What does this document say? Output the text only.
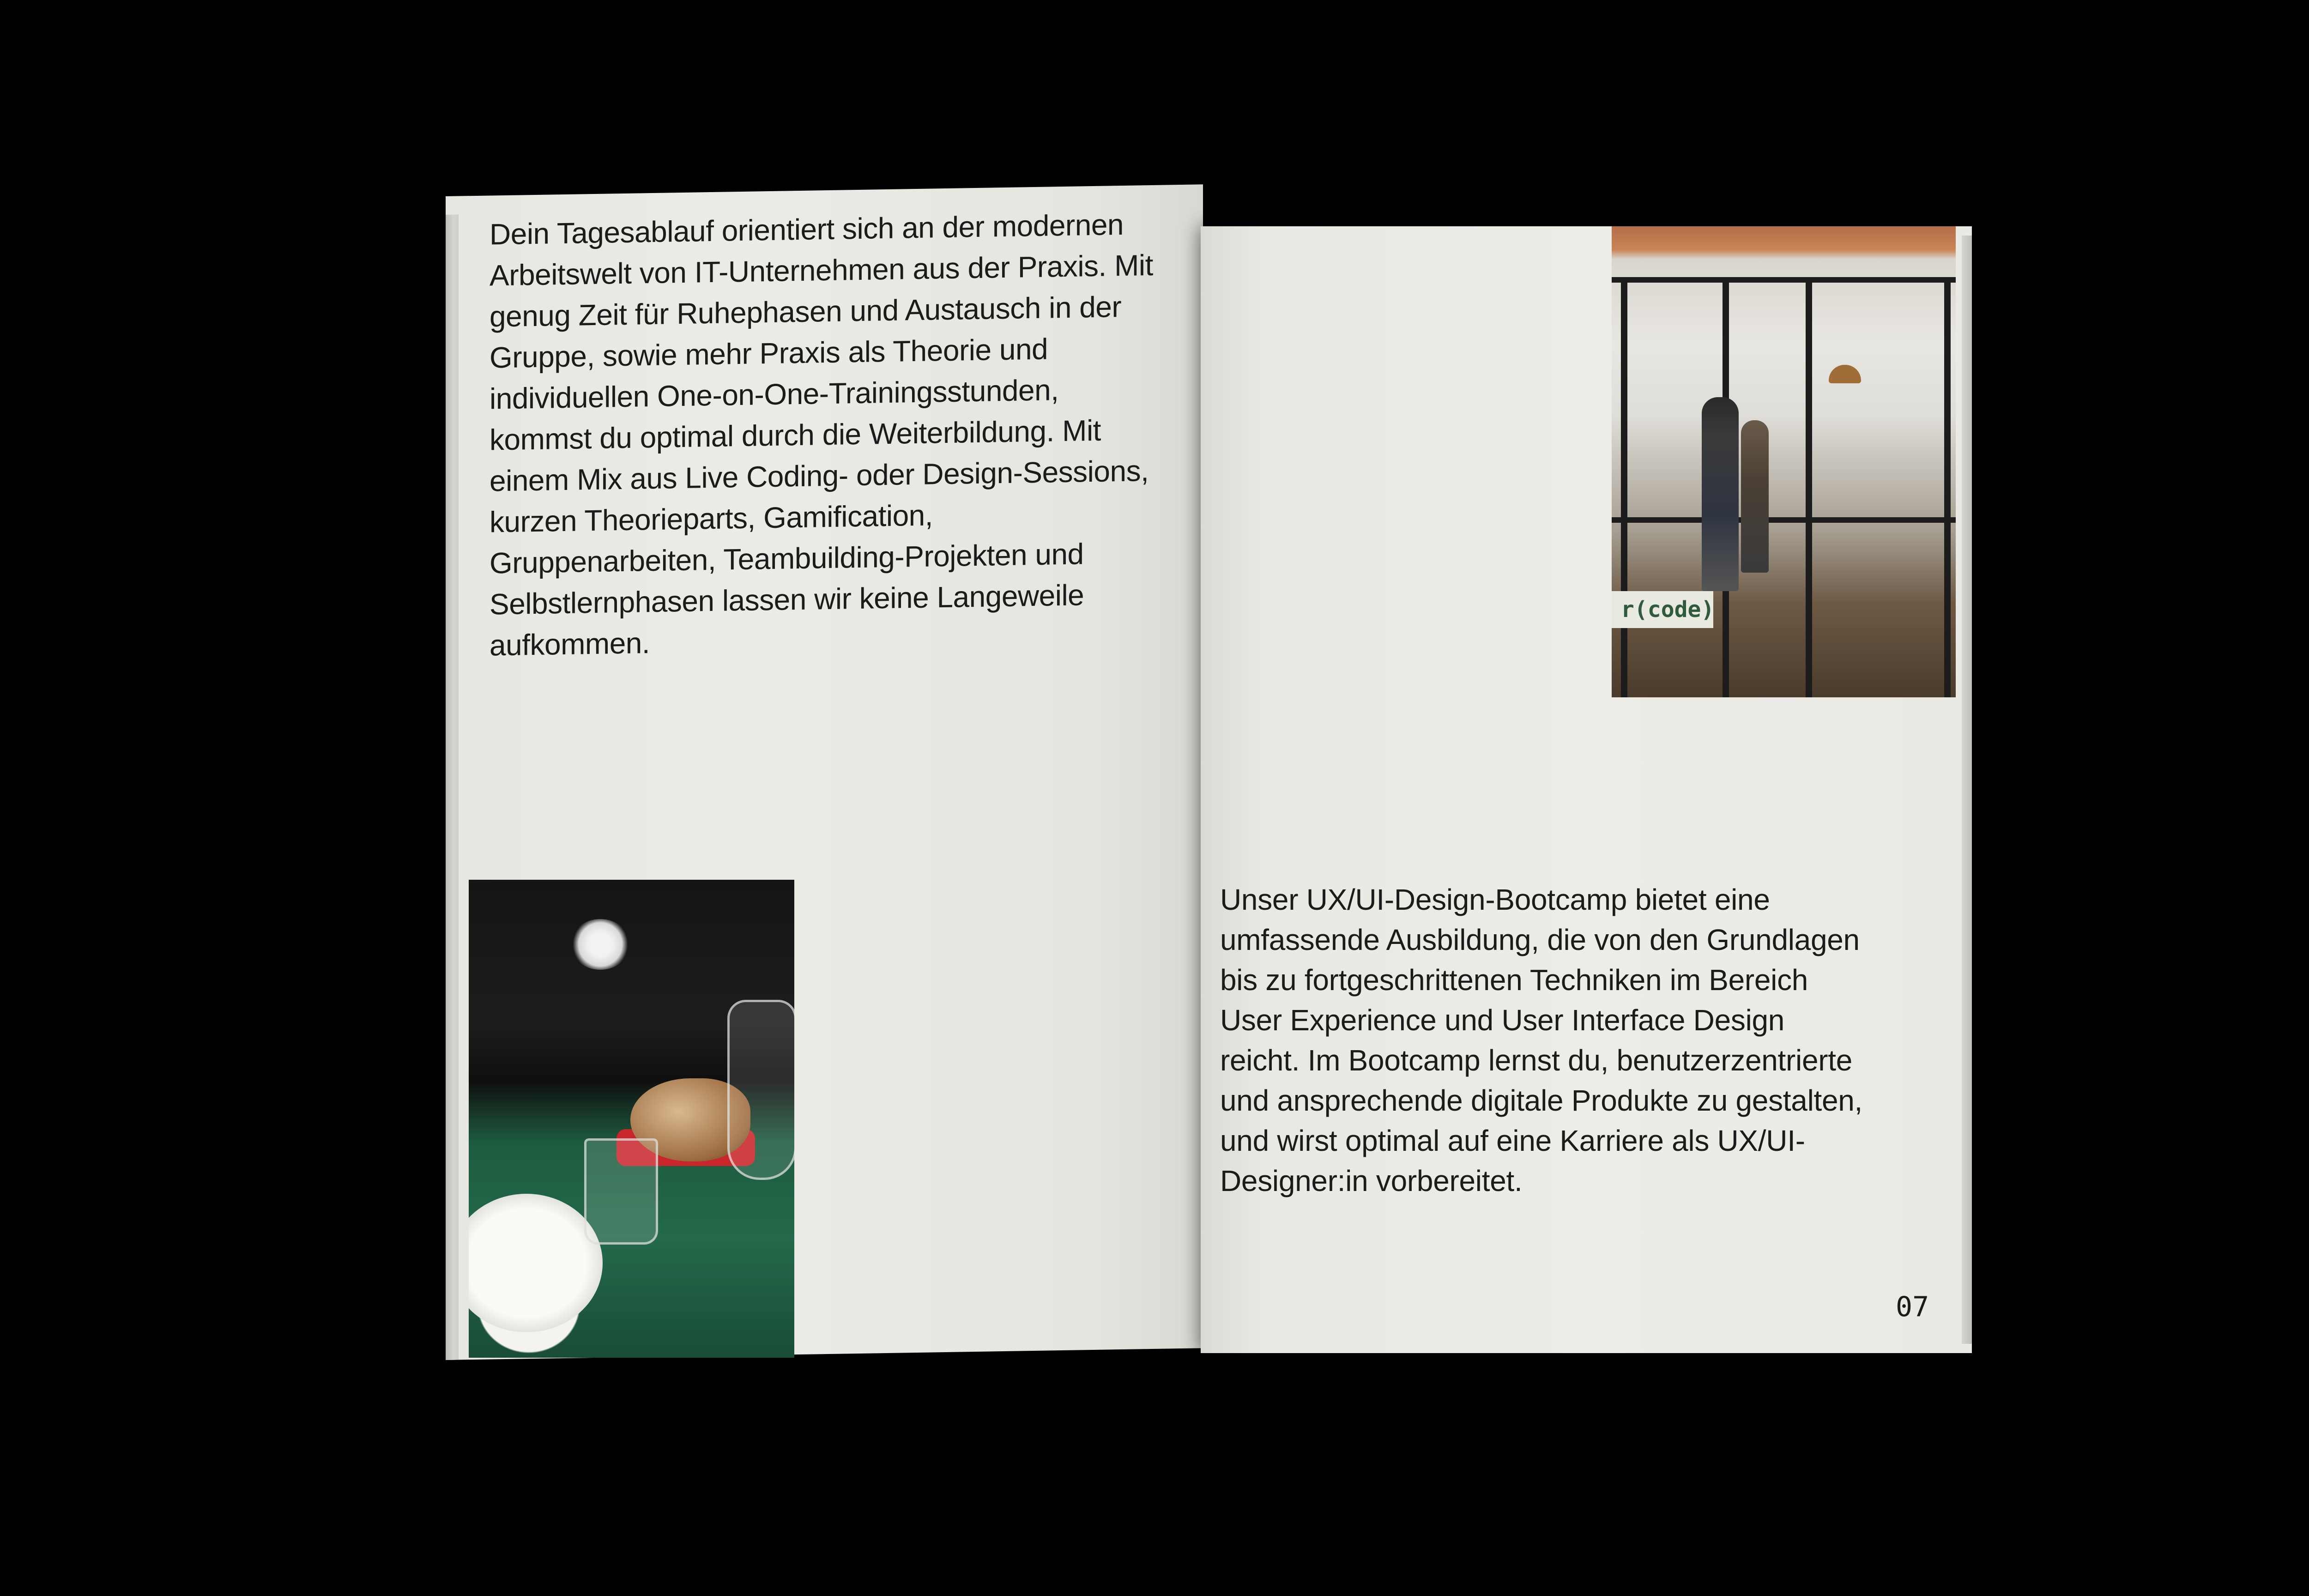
Dein Tagesablauf orientiert sich an der modernen Arbeitswelt von IT-Unternehmen aus der Praxis. Mit genug Zeit für Ruhephasen und Austausch in der Gruppe, sowie mehr Praxis als Theorie und individuellen One-on-One-Trainingsstunden, kommst du optimal durch die Weiterbildung. Mit einem Mix aus Live Coding- oder Design-Sessions, kurzen Theorieparts, Gamification, Gruppenarbeiten, Teambuilding-Projekten und Selbstlernphasen lassen wir keine Langeweile aufkommen.

Unser UX/UI-Design-Bootcamp bietet eine umfassende Ausbildung, die von den Grundlagen bis zu fortgeschrittenen Techniken im Bereich User Experience und User Interface Design reicht. Im Bootcamp lernst du, benutzerzentrierte und ansprechende digitale Produkte zu gestalten, und wirst optimal auf eine Karriere als UX/UI-Designer:in vorbereitet.

07
r(code)
